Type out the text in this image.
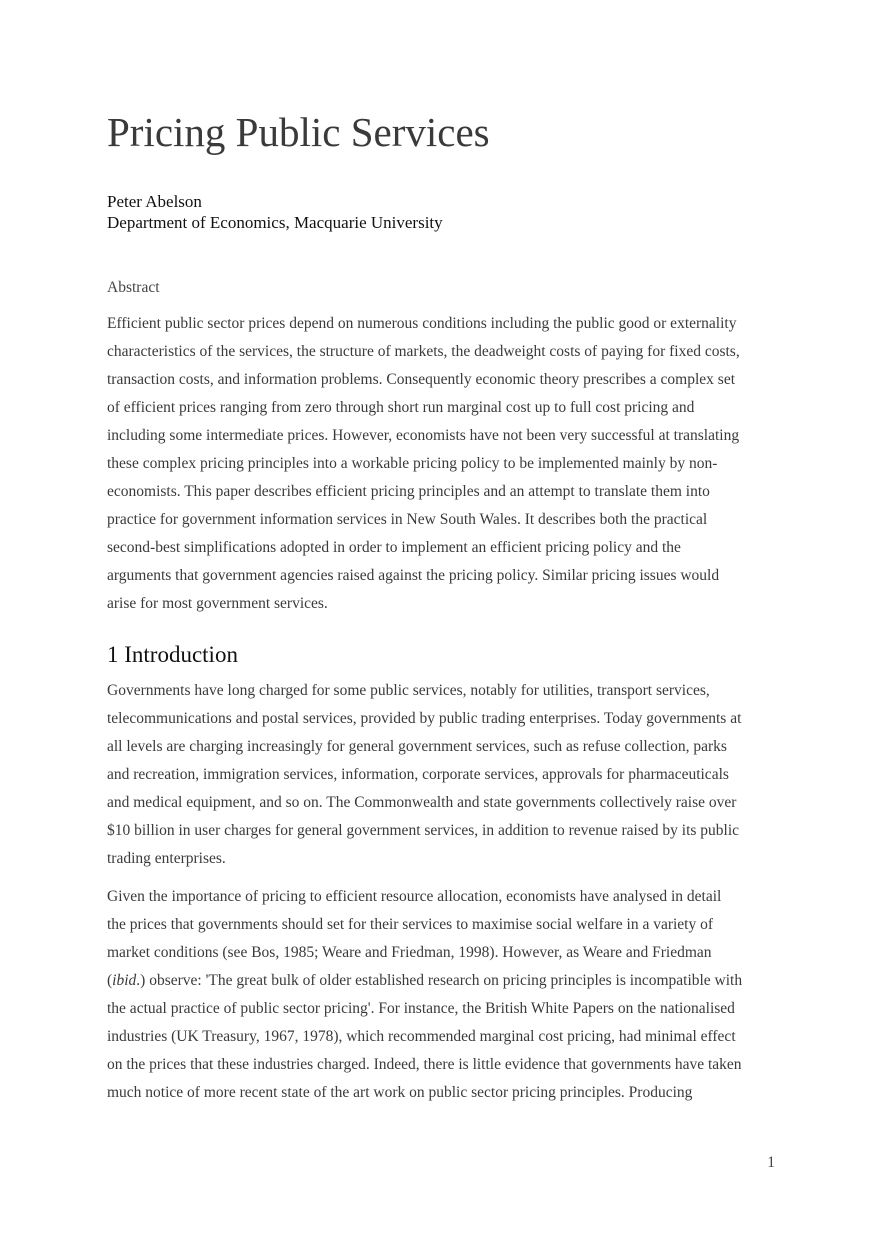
Pricing Public Services
Peter Abelson
Department of Economics, Macquarie University
Abstract

Efficient public sector prices depend on numerous conditions including the public good or externality
characteristics of the services, the structure of markets, the deadweight costs of paying for fixed costs,
transaction costs, and information problems. Consequently economic theory prescribes a complex set
of efficient prices ranging from zero through short run marginal cost up to full cost pricing and
including some intermediate prices. However, economists have not been very successful at translating
these complex pricing principles into a workable pricing policy to be implemented mainly by non-
economists. This paper describes efficient pricing principles and an attempt to translate them into
practice for government information services in New South Wales. It describes both the practical
second-best simplifications adopted in order to implement an efficient pricing policy and the
arguments that government agencies raised against the pricing policy. Similar pricing issues would
arise for most government services.

1 Introduction

Governments have long charged for some public services, notably for utilities, transport services,
telecommunications and postal services, provided by public trading enterprises. Today governments at
all levels are charging increasingly for general government services, such as refuse collection, parks
and recreation, immigration services, information, corporate services, approvals for pharmaceuticals
and medical equipment, and so on. The Commonwealth and state governments collectively raise over
$10 billion in user charges for general government services, in addition to revenue raised by its public
trading enterprises.

Given the importance of pricing to efficient resource allocation, economists have analysed in detail
the prices that governments should set for their services to maximise social welfare in a variety of
market conditions (see Bos, 1985; Weare and Friedman, 1998). However, as Weare and Friedman
(ibid.) observe: 'The great bulk of older established research on pricing principles is incompatible with
the actual practice of public sector pricing'. For instance, the British White Papers on the nationalised
industries (UK Treasury, 1967, 1978), which recommended marginal cost pricing, had minimal effect
on the prices that these industries charged. Indeed, there is little evidence that governments have taken
much notice of more recent state of the art work on public sector pricing principles. Producing

1
